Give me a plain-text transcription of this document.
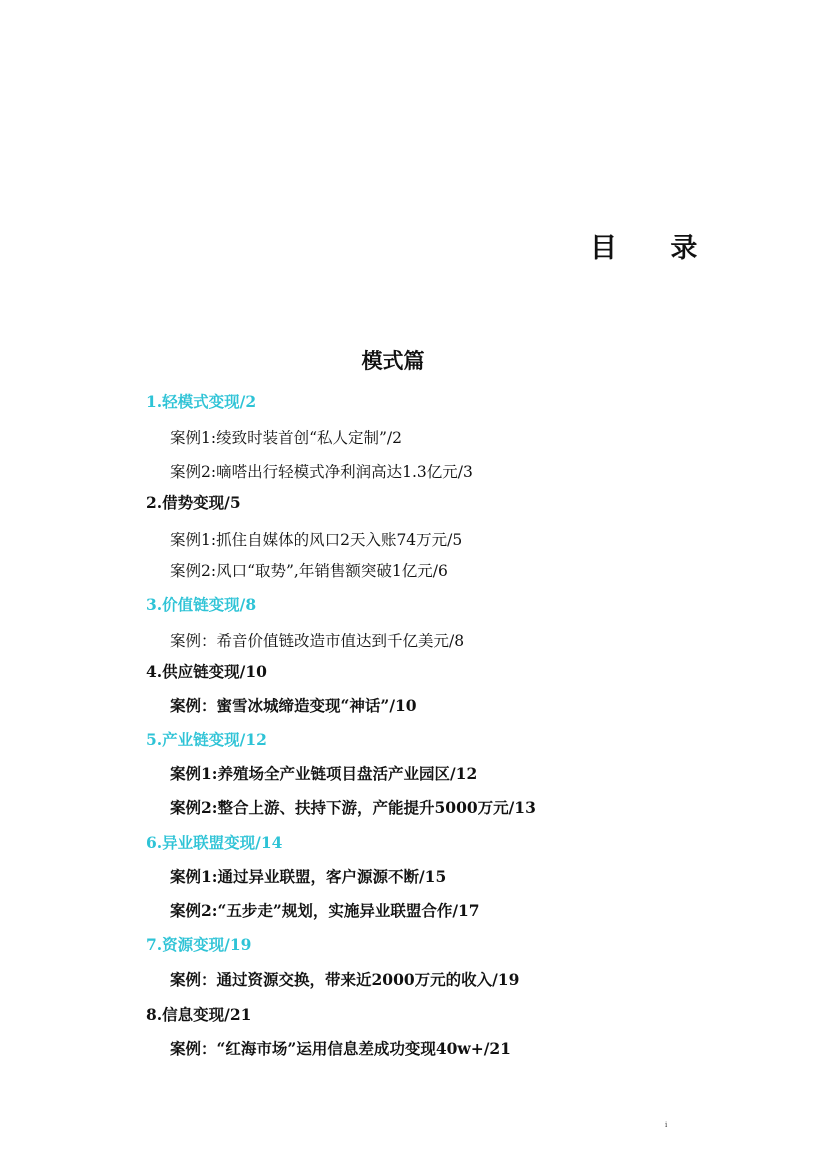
目 录
模式篇
1.轻模式变现/2
案例1:绫致时装首创“私人定制”/2
案例2:嘀嗒出行轻模式净利润高达1.3亿元/3
2.借势变现/5
案例1:抓住自媒体的风口2天入账74万元/5
案例2:风口“取势”,年销售额突破1亿元/6
3.价值链变现/8
案例：希音价值链改造市值达到千亿美元/8
4.供应链变现/10
案例：蜜雪冰城缔造变现“神话”/10
5.产业链变现/12
案例1:养殖场全产业链项目盘活产业园区/12
案例2:整合上游、扶持下游，产能提升5000万元/13
6.异业联盟变现/14
案例1:通过异业联盟，客户源源不断/15
案例2:“五步走”规划，实施异业联盟合作/17
7.资源变现/19
案例：通过资源交换，带来近2000万元的收入/19
8.信息变现/21
案例：“红海市场”运用信息差成功变现40w+/21
i
